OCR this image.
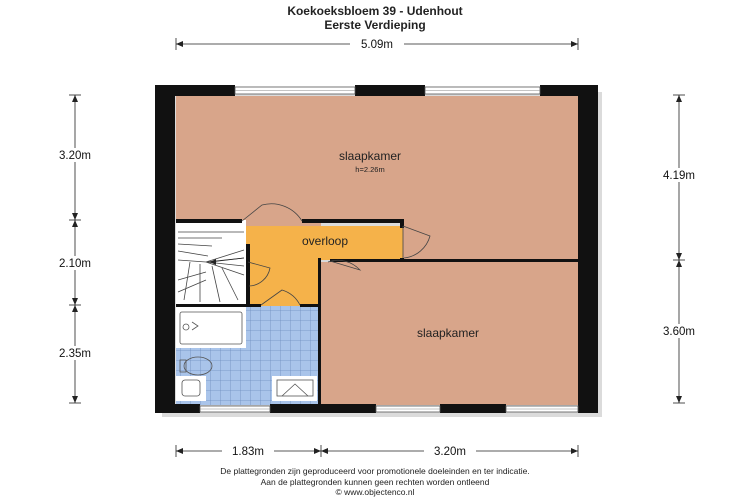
Koekoeksbloem 39 - Udenhout
Eerste Verdieping
5.09m
3.20m
2.10m
2.35m
4.19m
3.60m
1.83m	3.20m
slaapkamer
h=2.26m
overloop
slaapkamer
De plattegronden zijn geproduceerd voor promotionele doeleinden en ter indicatie.
Aan de plattegronden kunnen geen rechten worden ontleend
© www.objectenco.nl
